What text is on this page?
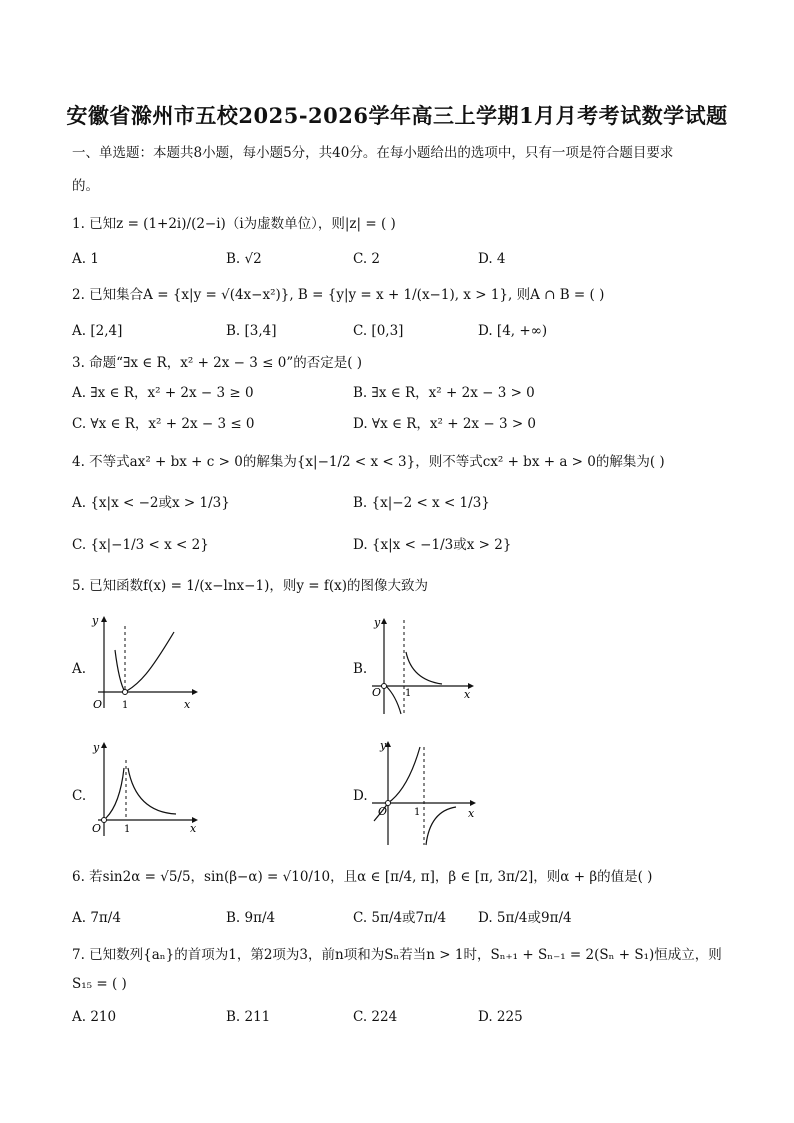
安徽省滁州市五校2025-2026学年高三上学期1月月考考试数学试题
一、单选题：本题共8小题，每小题5分，共40分。在每小题给出的选项中，只有一项是符合题目要求
的。
1. 已知z = (1+2i)/(2−i)（i为虚数单位），则|z| = ( )
A. 1	B. √2	C. 2	D. 4
2. 已知集合A = {x|y = √(4x−x²)}, B = {y|y = x + 1/(x−1), x > 1}, 则A ∩ B = ( )
A. [2,4]	B. [3,4]	C. [0,3]	D. [4, +∞)
3. 命题“∃x ∈ R，x² + 2x − 3 ≤ 0”的否定是( )
A. ∃x ∈ R，x² + 2x − 3 ≥ 0	B. ∃x ∈ R，x² + 2x − 3 > 0
C. ∀x ∈ R，x² + 2x − 3 ≤ 0	D. ∀x ∈ R，x² + 2x − 3 > 0
4. 不等式ax² + bx + c > 0的解集为{x|−1/2 < x < 3}，则不等式cx² + bx + a > 0的解集为( )
A. {x|x < −2或x > 1/3}	B. {x|−2 < x < 1/3}
C. {x|−1/3 < x < 2}	D. {x|x < −1/3或x > 2}
5. 已知函数f(x) = 1/(x−lnx−1)，则y = f(x)的图像大致为
A.
O 1	x
y
B.
O 1	x
y
C.
O 1	x
y
D.
O	1	x
y
6. 若sin2α = √5/5，sin(β−α) = √10/10，且α ∈ [π/4, π]，β ∈ [π, 3π/2]，则α + β的值是( )
A. 7π/4	B. 9π/4	C. 5π/4或7π/4 D. 5π/4或9π/4
7. 已知数列{aₙ}的首项为1，第2项为3，前n项和为Sₙ若当n > 1时，Sₙ₊₁ + Sₙ₋₁ = 2(Sₙ + S₁)恒成立，则
S₁₅ = ( )
A. 210	B. 211	C. 224	D. 225
